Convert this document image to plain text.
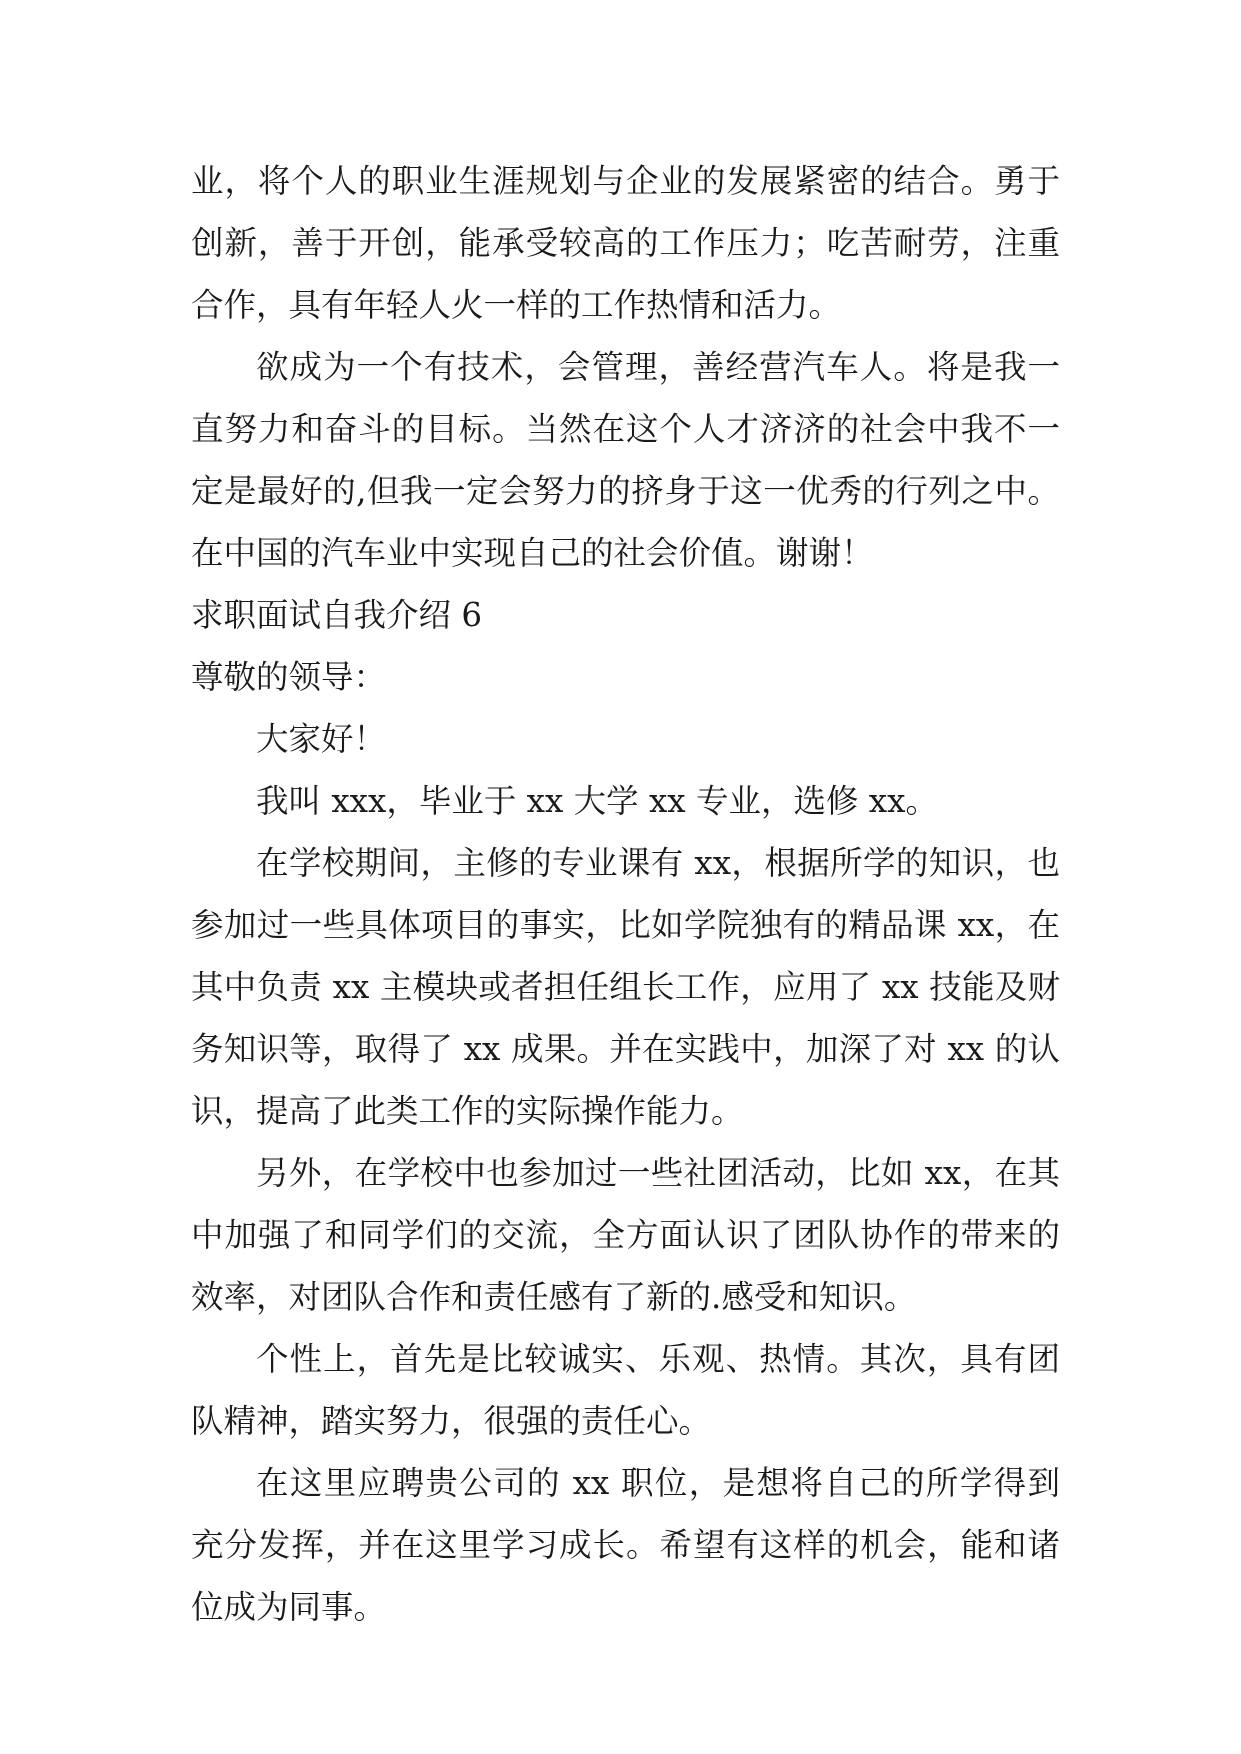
业，将个人的职业生涯规划与企业的发展紧密的结合。勇于创新，善于开创，能承受较高的工作压力；吃苦耐劳，注重合作，具有年轻人火一样的工作热情和活力。

欲成为一个有技术，会管理，善经营汽车人。将是我一直努力和奋斗的目标。当然在这个人才济济的社会中我不一定是最好的,但我一定会努力的挤身于这一优秀的行列之中。在中国的汽车业中实现自己的社会价值。谢谢！

求职面试自我介绍 6

尊敬的领导：

大家好！

我叫 xxx，毕业于 xx 大学 xx 专业，选修 xx。

在学校期间，主修的专业课有 xx，根据所学的知识，也参加过一些具体项目的事实，比如学院独有的精品课 xx，在其中负责 xx 主模块或者担任组长工作，应用了 xx 技能及财务知识等，取得了 xx 成果。并在实践中，加深了对 xx 的认识，提高了此类工作的实际操作能力。

另外，在学校中也参加过一些社团活动，比如 xx，在其中加强了和同学们的交流，全方面认识了团队协作的带来的效率，对团队合作和责任感有了新的.感受和知识。

个性上，首先是比较诚实、乐观、热情。其次，具有团队精神，踏实努力，很强的责任心。

在这里应聘贵公司的 xx 职位，是想将自己的所学得到充分发挥，并在这里学习成长。希望有这样的机会，能和诸位成为同事。
